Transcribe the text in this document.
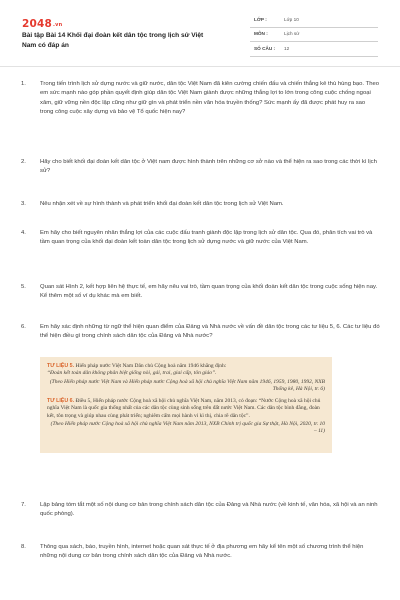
2048.vn
Bài tập Bài 14 Khối đại đoàn kết dân tộc trong lịch sử Việt Nam có đáp án
LỚP :	Lớp 10
MÔN :	Lịch sử
SỐ CÂU : 12
1. Trong tiến trình lịch sử dựng nước và giữ nước, dân tộc Việt Nam đã kiên cường chiến đấu và chiến thắng kẻ thù hùng bạo. Theo em sức mạnh nào góp phần quyết định giúp dân tộc Việt Nam giành được những thắng lợi to lớn trong công cuộc chống ngoại xâm, giữ vững nền độc lập cũng như giữ gìn và phát triển nền văn hóa truyền thống? Sức mạnh ấy đã được phát huy ra sao trong công cuộc xây dựng và bảo vệ Tổ quốc hiện nay?
2. Hãy cho biết khối đại đoàn kết dân tộc ở Việt nam được hình thành trên những cơ sở nào và thể hiện ra sao trong các thời kì lịch sử?
3. Nêu nhận xét về sự hình thành và phát triển khối đại đoàn kết dân tộc trong lịch sử Việt Nam.
4. Em hãy cho biết nguyên nhân thắng lợi của các cuộc đấu tranh giành độc lập trong lịch sử dân tộc. Qua đó, phân tích vai trò và tầm quan trọng của khối đại đoàn kết toàn dân tộc trong lịch sử dựng nước và giữ nước của Việt Nam.
5. Quan sát Hình 2, kết hợp liên hệ thực tế, em hãy nêu vai trò, tầm quan trọng của khối đoàn kết dân tộc trong cuộc sống hiện nay. Kể thêm một số ví dụ khác mà em biết.
6. Em hãy xác định những từ ngữ thể hiện quan điểm của Đảng và Nhà nước về vấn đề dân tộc trong các tư liệu 5, 6. Các tư liệu đó thể hiện điều gì trong chính sách dân tộc của Đảng và Nhà nước?
TƯ LIỆU 5. Hiến pháp nước Việt Nam Dân chủ Cộng hoà năm 1946 khẳng định:
“Đoàn kết toàn dân không phân biệt giống nòi, gái, trai, giai cấp, tôn giáo”.
(Theo Hiến pháp nước Việt Nam và Hiến pháp nước Cộng hoà xã hội chủ nghĩa Việt Nam năm 1946, 1959, 1980, 1992, NXB Thống kê, Hà Nội, tr. 6)
TƯ LIỆU 6. Điều 5, Hiến pháp nước Cộng hoà xã hội chủ nghĩa Việt Nam, năm 2013, có đoạn: “Nước Cộng hoà xã hội chủ nghĩa Việt Nam là quốc gia thống nhất của các dân tộc cùng sinh sống trên đất nước Việt Nam. Các dân tộc bình đẳng, đoàn kết, tôn trọng và giúp nhau cùng phát triển; nghiêm cấm mọi hành vi kì thị, chia rẽ dân tộc”.
(Theo Hiến pháp nước Cộng hoà xã hội chủ nghĩa Việt Nam năm 2013, NXB Chính trị quốc gia Sự thật, Hà Nội, 2020, tr. 10 – 11)
7. Lập bảng tóm tắt một số nội dung cơ bản trong chính sách dân tộc của Đảng và Nhà nước (về kinh tế, văn hóa, xã hội và an ninh quốc phòng).
8. Thông qua sách, báo, truyền hình, internet hoặc quan sát thực tế ở địa phương em hãy kể tên một số chương trình thể hiện những nội dung cơ bản trong chính sách dân tộc của Đảng và Nhà nước.
